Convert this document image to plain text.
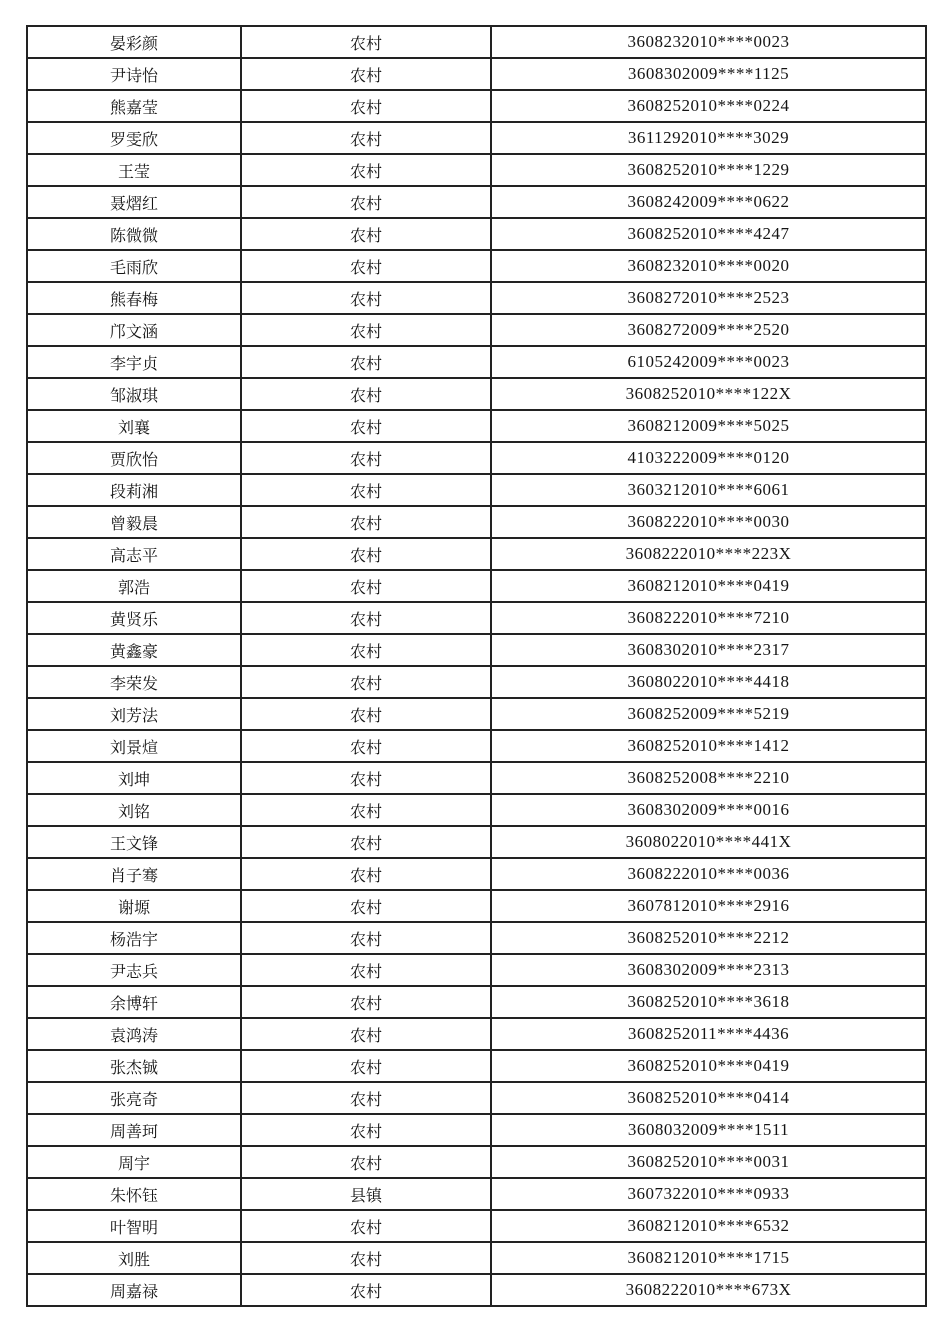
晏彩颜	农村	3608232010****0023
尹诗怡	农村	3608302009****1125
熊嘉莹	农村	3608252010****0224
罗雯欣	农村	3611292010****3029
王莹	农村	3608252010****1229
聂熠红	农村	3608242009****0622
陈微微	农村	3608252010****4247
毛雨欣	农村	3608232010****0020
熊春梅	农村	3608272010****2523
邝文涵	农村	3608272009****2520
李宇贞	农村	6105242009****0023
邹淑琪	农村	3608252010****122X
刘襄	农村	3608212009****5025
贾欣怡	农村	4103222009****0120
段莉湘	农村	3603212010****6061
曾毅晨	农村	3608222010****0030
高志平	农村	3608222010****223X
郭浩	农村	3608212010****0419
黄贤乐	农村	3608222010****7210
黄鑫豪	农村	3608302010****2317
李荣发	农村	3608022010****4418
刘芳法	农村	3608252009****5219
刘景煊	农村	3608252010****1412
刘坤	农村	3608252008****2210
刘铭	农村	3608302009****0016
王文锋	农村	3608022010****441X
肖子骞	农村	3608222010****0036
谢塬	农村	3607812010****2916
杨浩宇	农村	3608252010****2212
尹志兵	农村	3608302009****2313
余博轩	农村	3608252010****3618
袁鸿涛	农村	3608252011****4436
张杰铖	农村	3608252010****0419
张亮奇	农村	3608252010****0414
周善珂	农村	3608032009****1511
周宇	农村	3608252010****0031
朱怀钰	县镇	3607322010****0933
叶智明	农村	3608212010****6532
刘胜	农村	3608212010****1715
周嘉禄	农村	3608222010****673X
